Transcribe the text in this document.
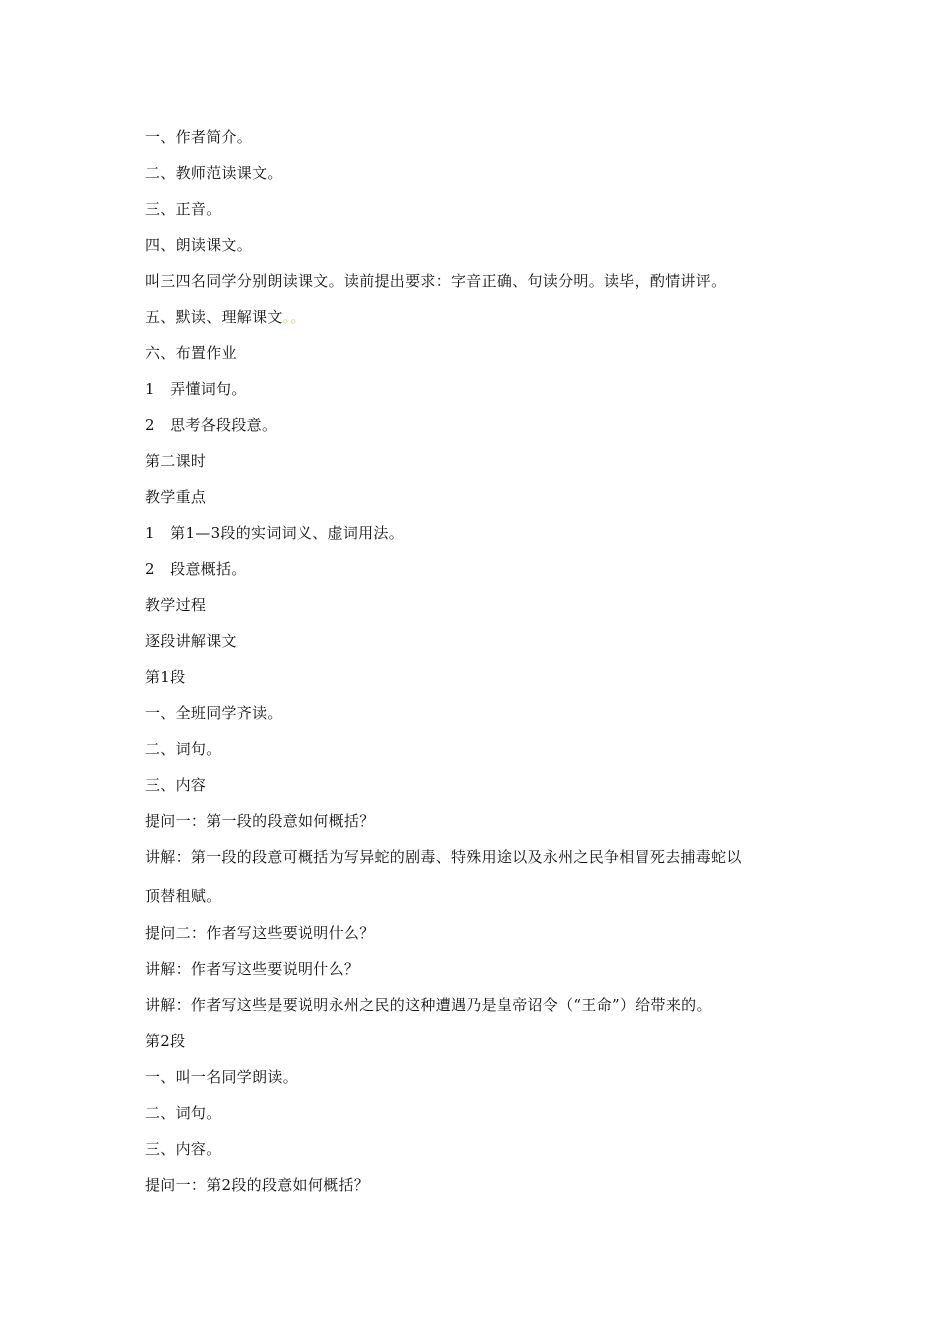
一、作者简介。
二、教师范读课文。
三、正音。
四、朗读课文。
叫三四名同学分别朗读课文。读前提出要求：字音正确、句读分明。读毕，酌情讲评。
五、默读、理解课文。。
六、布置作业
1　弄懂词句。
2　思考各段段意。
第二课时
教学重点
1　第1—3段的实词词义、虚词用法。
2　段意概括。
教学过程
逐段讲解课文
第1段
一、全班同学齐读。
二、词句。
三、内容
提问一：第一段的段意如何概括？
讲解：第一段的段意可概括为写异蛇的剧毒、特殊用途以及永州之民争相冒死去捕毒蛇以
顶替租赋。
提问二：作者写这些要说明什么？
讲解：作者写这些要说明什么？
讲解：作者写这些是要说明永州之民的这种遭遇乃是皇帝诏令（“王命”）给带来的。
第2段
一、叫一名同学朗读。
二、词句。
三、内容。
提问一：第2段的段意如何概括？
